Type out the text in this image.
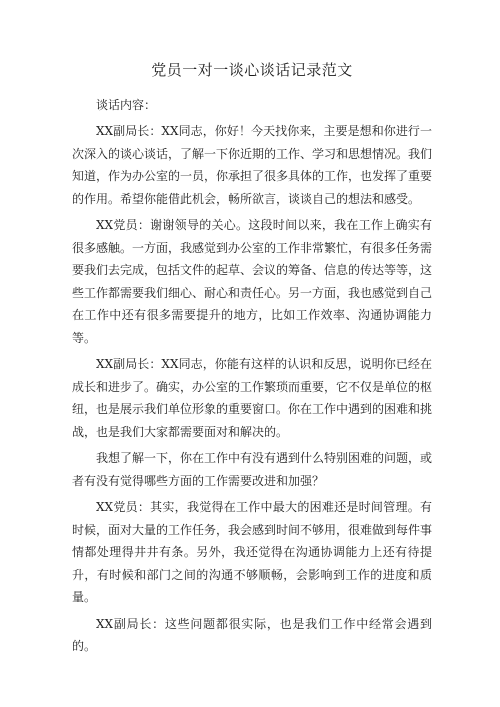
党员一对一谈心谈话记录范文

谈话内容：

XX副局长：XX同志，你好！今天找你来，主要是想和你进行一次深入的谈心谈话，了解一下你近期的工作、学习和思想情况。我们知道，作为办公室的一员，你承担了很多具体的工作，也发挥了重要的作用。希望你能借此机会，畅所欲言，谈谈自己的想法和感受。

XX党员：谢谢领导的关心。这段时间以来，我在工作上确实有很多感触。一方面，我感觉到办公室的工作非常繁忙，有很多任务需要我们去完成，包括文件的起草、会议的筹备、信息的传达等等，这些工作都需要我们细心、耐心和责任心。另一方面，我也感觉到自己在工作中还有很多需要提升的地方，比如工作效率、沟通协调能力等。

XX副局长：XX同志，你能有这样的认识和反思，说明你已经在成长和进步了。确实，办公室的工作繁琐而重要，它不仅是单位的枢纽，也是展示我们单位形象的重要窗口。你在工作中遇到的困难和挑战，也是我们大家都需要面对和解决的。

我想了解一下，你在工作中有没有遇到什么特别困难的问题，或者有没有觉得哪些方面的工作需要改进和加强？

XX党员：其实，我觉得在工作中最大的困难还是时间管理。有时候，面对大量的工作任务，我会感到时间不够用，很难做到每件事情都处理得井井有条。另外，我还觉得在沟通协调能力上还有待提升，有时候和部门之间的沟通不够顺畅，会影响到工作的进度和质量。

XX副局长：这些问题都很实际，也是我们工作中经常会遇到的。
